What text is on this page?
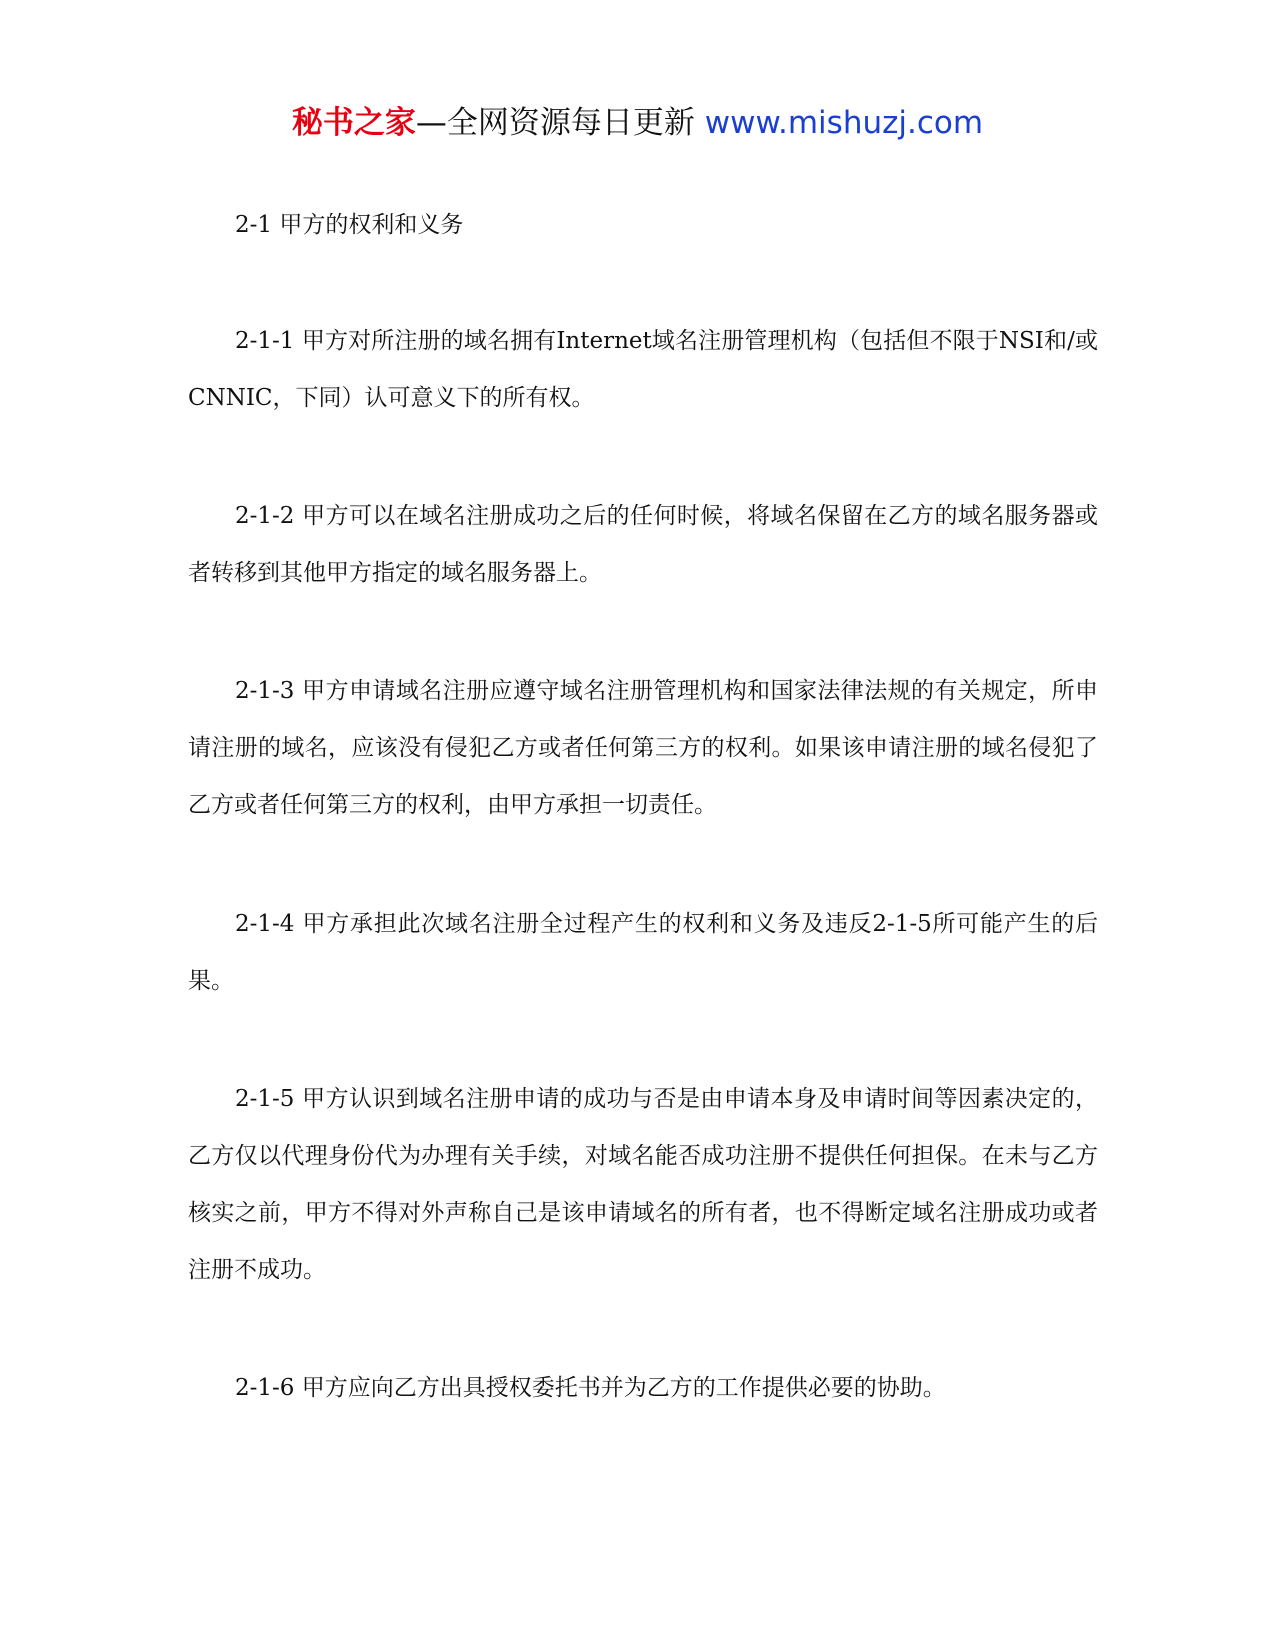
秘书之家—全网资源每日更新 www.mishuzj.com

2-1 甲方的权利和义务

2-1-1 甲方对所注册的域名拥有Internet域名注册管理机构（包括但不限于NSI和/或CNNIC，下同）认可意义下的所有权。

2-1-2 甲方可以在域名注册成功之后的任何时候，将域名保留在乙方的域名服务器或者转移到其他甲方指定的域名服务器上。

2-1-3 甲方申请域名注册应遵守域名注册管理机构和国家法律法规的有关规定，所申请注册的域名，应该没有侵犯乙方或者任何第三方的权利。如果该申请注册的域名侵犯了乙方或者任何第三方的权利，由甲方承担一切责任。

2-1-4 甲方承担此次域名注册全过程产生的权利和义务及违反2-1-5所可能产生的后果。

2-1-5 甲方认识到域名注册申请的成功与否是由申请本身及申请时间等因素决定的，乙方仅以代理身份代为办理有关手续，对域名能否成功注册不提供任何担保。在未与乙方核实之前，甲方不得对外声称自己是该申请域名的所有者，也不得断定域名注册成功或者注册不成功。

2-1-6 甲方应向乙方出具授权委托书并为乙方的工作提供必要的协助。
